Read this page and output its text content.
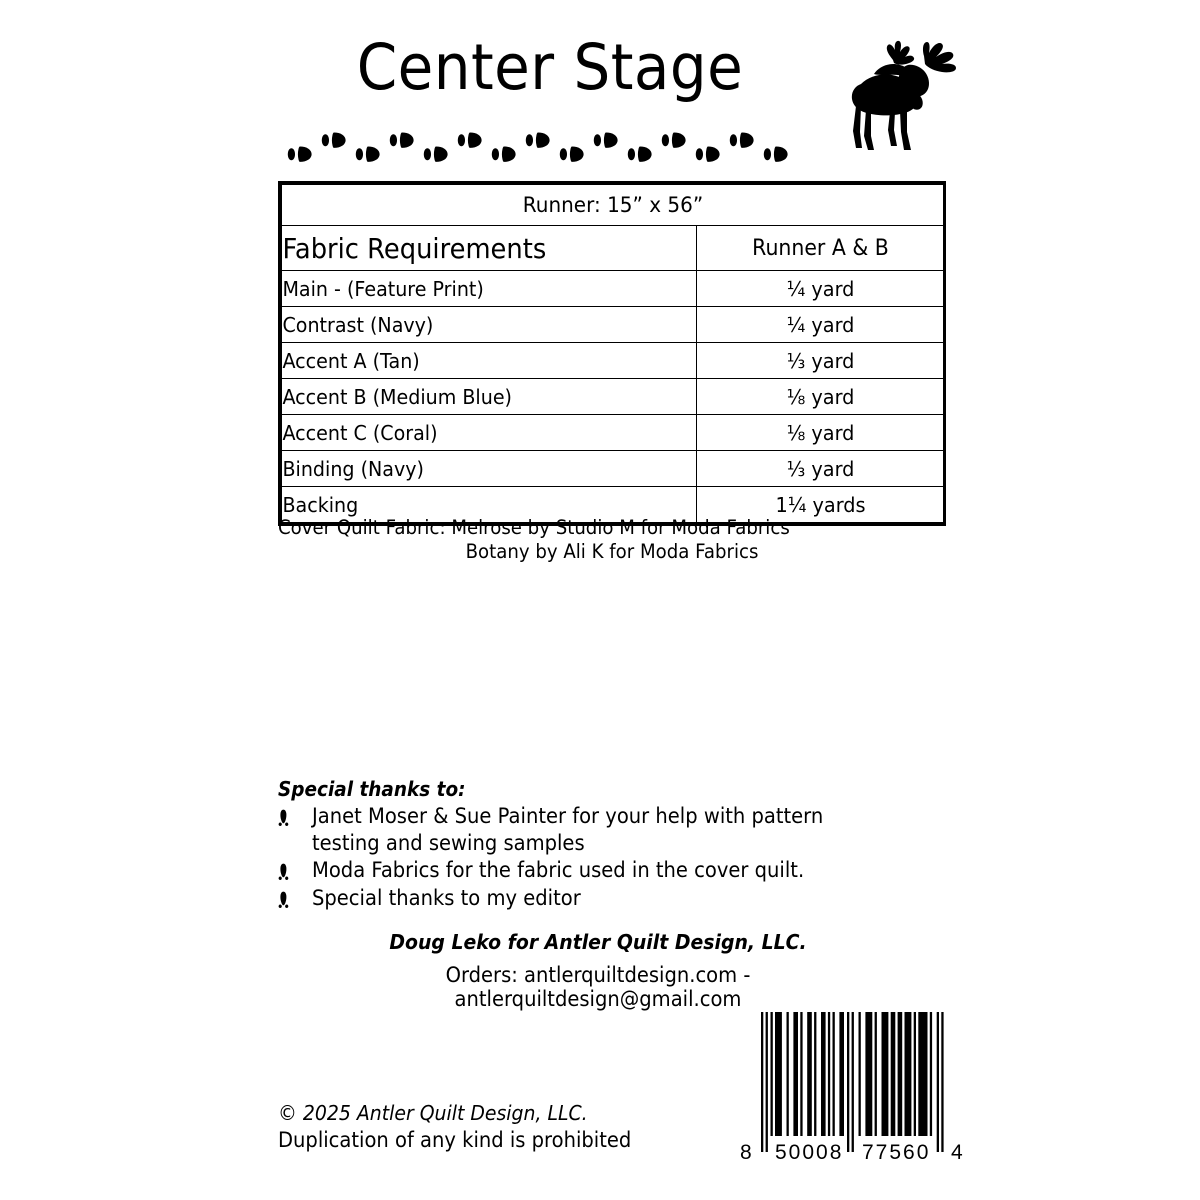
Center Stage
Runner: 15” x 56”	
Fabric Requirements	Runner A & B
Main - (Feature Print)	¼ yard
Contrast (Navy)	¼ yard
Accent A (Tan)	⅓ yard
Accent B (Medium Blue)	⅛ yard
Accent C (Coral)	⅛ yard
Binding (Navy)	⅓ yard
Backing	1¼ yards
Cover Quilt Fabric: Melrose by Studio M for Moda Fabrics
Botany by Ali K for Moda Fabrics
Special thanks to:
Janet Moser & Sue Painter for your help with pattern testing and sewing samples
Moda Fabrics for the fabric used in the cover quilt.
Special thanks to my editor
Doug Leko for Antler Quilt Design, LLC.
Orders: antlerquiltdesign.com - antlerquiltdesign@gmail.com
© 2025 Antler Quilt Design, LLC.
Duplication of any kind is prohibited
8 50008 77560 4
